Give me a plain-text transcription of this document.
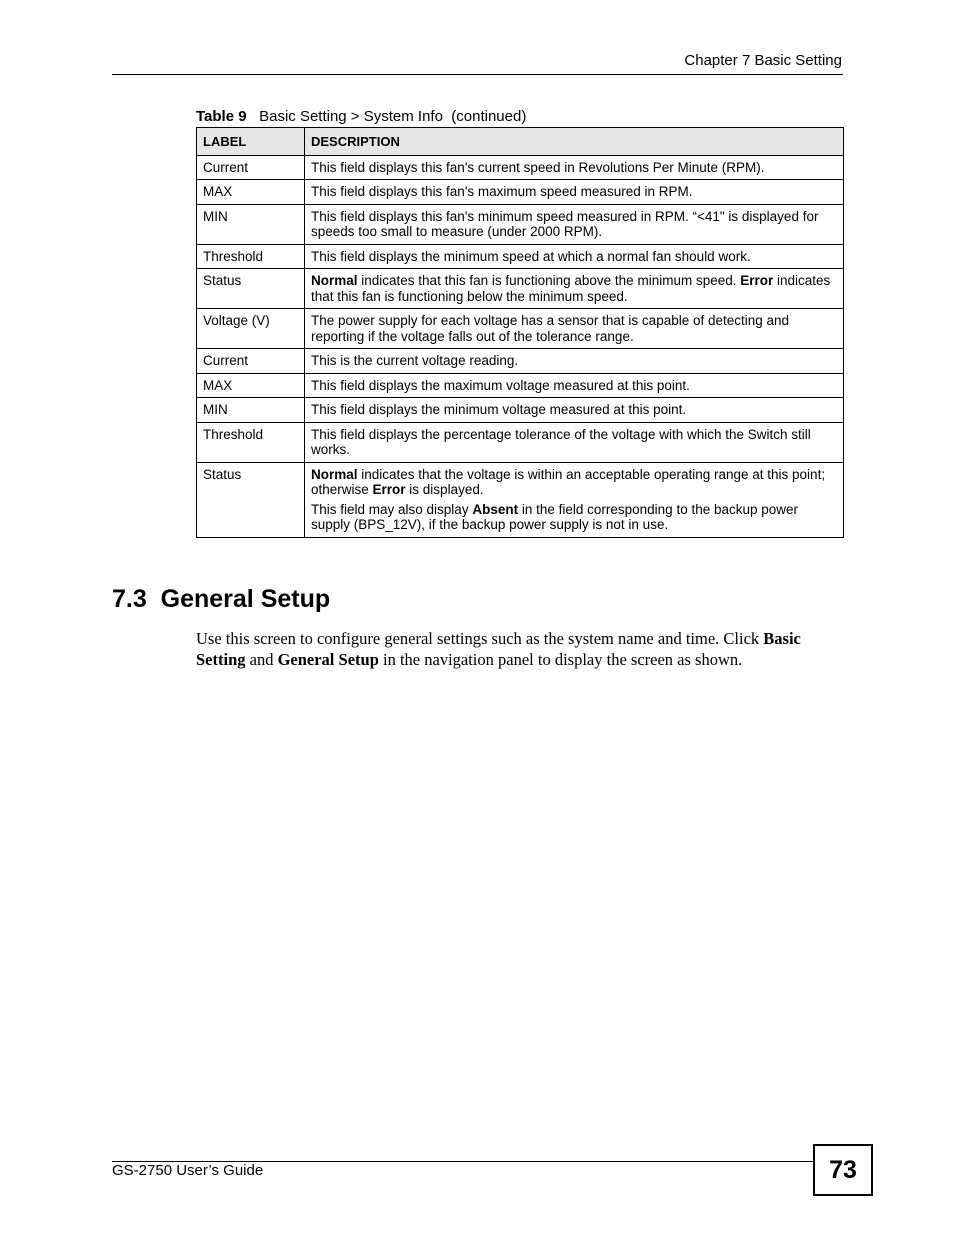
Chapter 7 Basic Setting
Table 9 Basic Setting > System Info  (continued)
LABEL	DESCRIPTION
Current	This field displays this fan's current speed in Revolutions Per Minute (RPM).

MAX	This field displays this fan's maximum speed measured in RPM.

MIN	This field displays this fan's minimum speed measured in RPM. “<41" is displayed for speeds too small to measure (under 2000 RPM).

Threshold	This field displays the minimum speed at which a normal fan should work.

Status	Normal indicates that this fan is functioning above the minimum speed. Error indicates that this fan is functioning below the minimum speed.

Voltage (V)	The power supply for each voltage has a sensor that is capable of detecting and reporting if the voltage falls out of the tolerance range.

Current	This is the current voltage reading.

MAX	This field displays the maximum voltage measured at this point.

MIN	This field displays the minimum voltage measured at this point.

Threshold	This field displays the percentage tolerance of the voltage with which the Switch still works.

Status	Normal indicates that the voltage is within an acceptable operating range at this point; otherwise Error is displayed.

This field may also display Absent in the field corresponding to the backup power supply (BPS_12V), if the backup power supply is not in use.

7.3  General Setup
Use this screen to configure general settings such as the system name and time. Click Basic Setting and General Setup in the navigation panel to display the screen as shown.
GS-2750 User’s Guide	73
